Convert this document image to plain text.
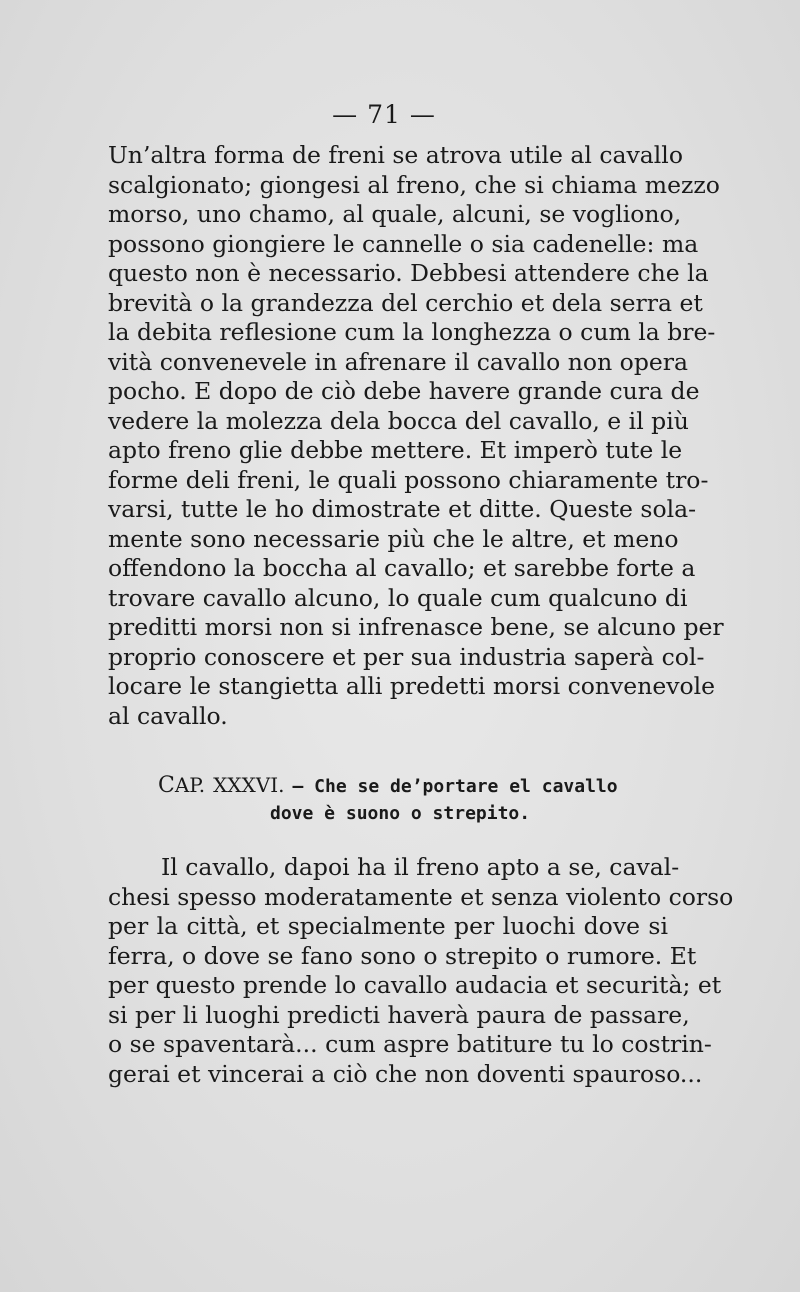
— 71 —
Un’altra forma de freni se atrova utile al cavallo
scalgionato; giongesi al freno, che si chiama mezzo
morso, uno chamo, al quale, alcuni, se vogliono,
possono giongiere le cannelle o sia cadenelle: ma
questo non è necessario. Debbesi attendere che la
brevità o la grandezza del cerchio et dela serra et
la debita reflesione cum la longhezza o cum la bre-
vità convenevele in afrenare il cavallo non opera
pocho. E dopo de ciò debe havere grande cura de
vedere la molezza dela bocca del cavallo, e il più
apto freno glie debbe mettere. Et imperò tute le
forme deli freni, le quali possono chiaramente tro-
varsi, tutte le ho dimostrate et ditte. Queste sola-
mente sono necessarie più che le altre, et meno
offendono la boccha al cavallo; et sarebbe forte a
trovare cavallo alcuno, lo quale cum qualcuno di
preditti morsi non si infrenasce bene, se alcuno per
proprio conoscere et per sua industria saperà col-
locare le stangietta alli predetti morsi convenevole
al cavallo.
CAP. XXXVI. — Che se de’portare el cavallo
dove è suono o strepito.
Il cavallo, dapoi ha il freno apto a se, caval-
chesi spesso moderatamente et senza violento corso
per la città, et specialmente per luochi dove si
ferra, o dove se fano sono o strepito o rumore. Et
per questo prende lo cavallo audacia et securità; et
si per li luoghi predicti haverà paura de passare,
o se spaventarà... cum aspre batiture tu lo costrin-
gerai et vincerai a ciò che non doventi spauroso...
